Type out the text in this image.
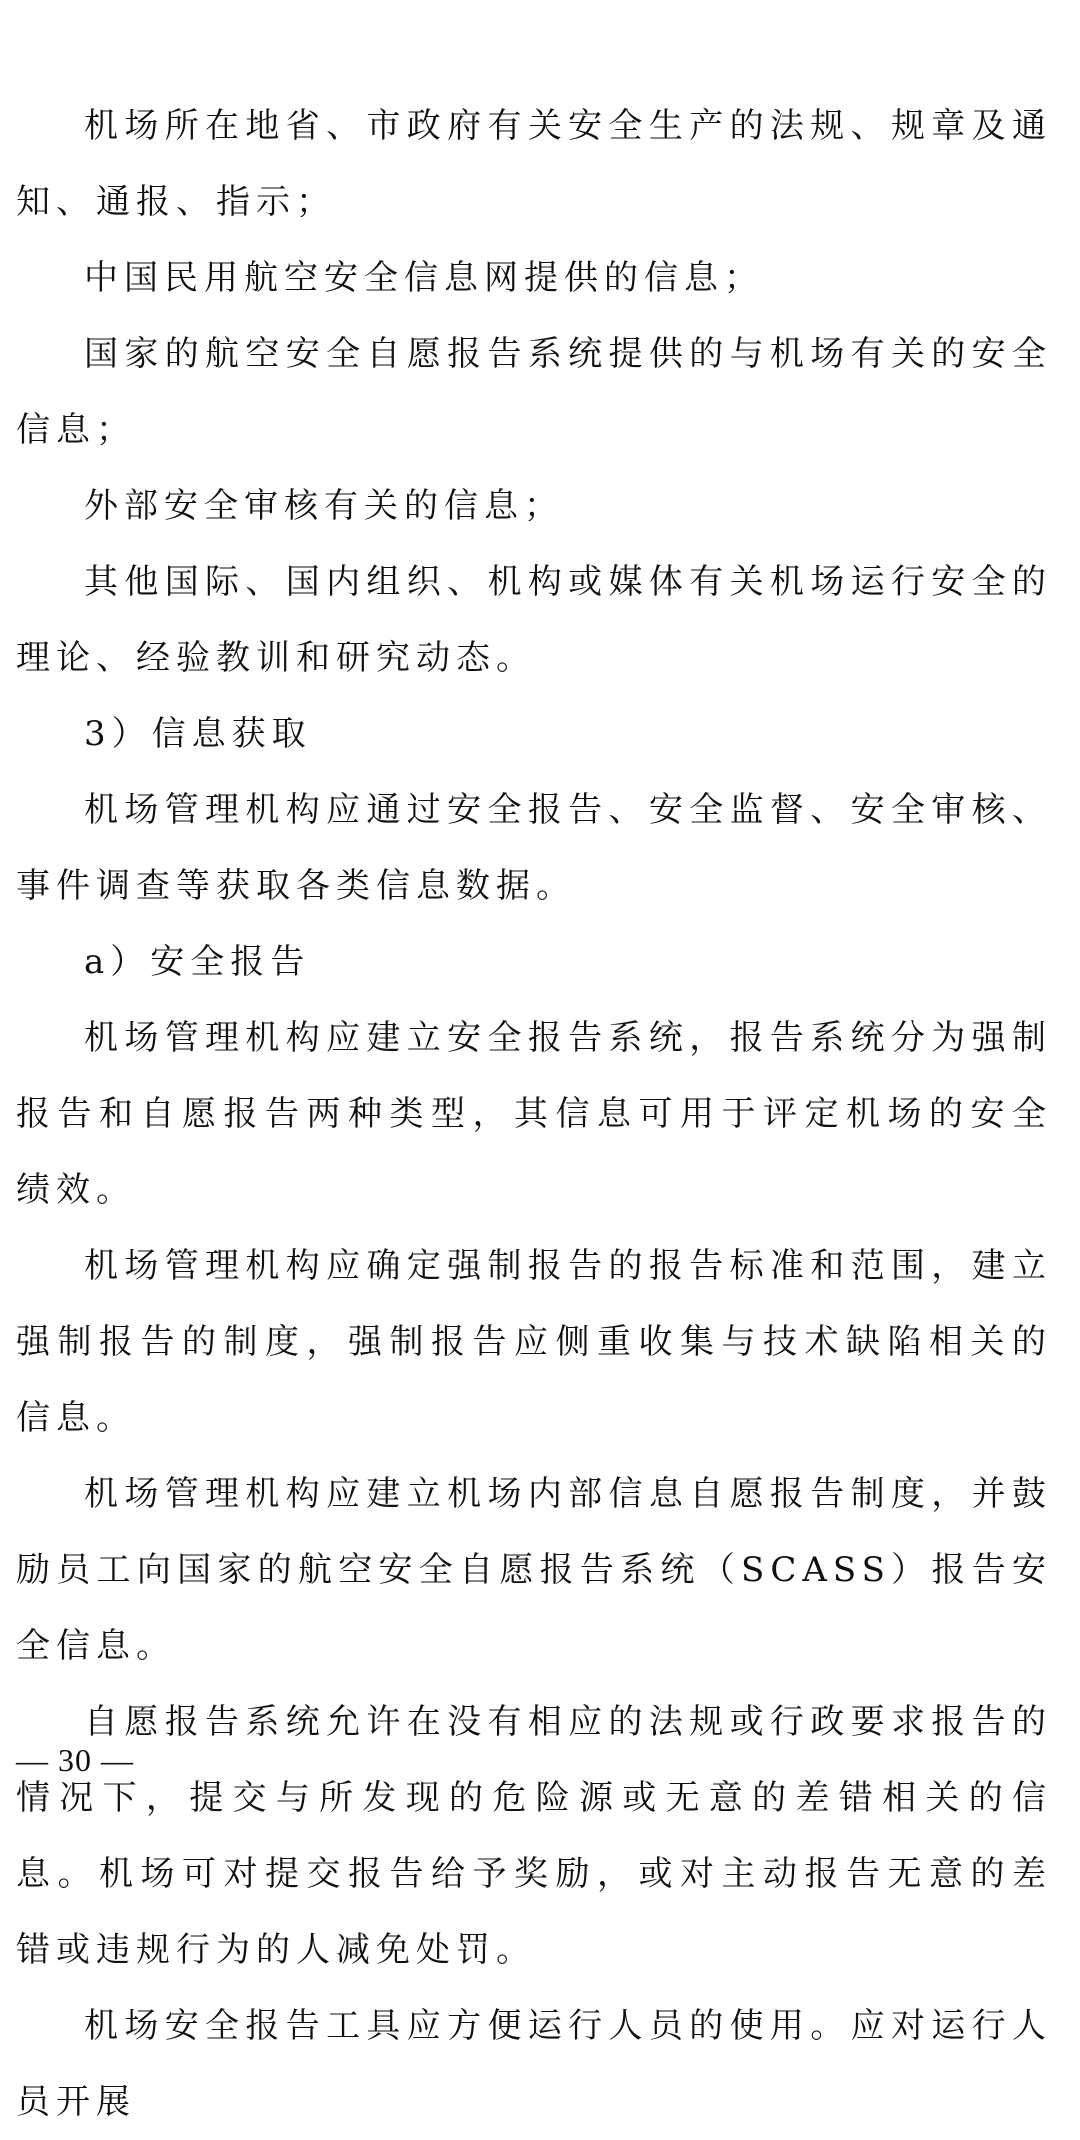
机场所在地省、市政府有关安全生产的法规、规章及通知、通报、指示；

中国民用航空安全信息网提供的信息；

国家的航空安全自愿报告系统提供的与机场有关的安全信息；

外部安全审核有关的信息；

其他国际、国内组织、机构或媒体有关机场运行安全的理论、经验教训和研究动态。

3）信息获取

机场管理机构应通过安全报告、安全监督、安全审核、事件调查等获取各类信息数据。

a）安全报告

机场管理机构应建立安全报告系统，报告系统分为强制报告和自愿报告两种类型，其信息可用于评定机场的安全绩效。

机场管理机构应确定强制报告的报告标准和范围，建立强制报告的制度，强制报告应侧重收集与技术缺陷相关的信息。

机场管理机构应建立机场内部信息自愿报告制度，并鼓励员工向国家的航空安全自愿报告系统（SCASS）报告安全信息。

自愿报告系统允许在没有相应的法规或行政要求报告的情况下，提交与所发现的危险源或无意的差错相关的信息。机场可对提交报告给予奖励，或对主动报告无意的差错或违规行为的人减免处罚。

机场安全报告工具应方便运行人员的使用。应对运行人员开展

— 30 —
